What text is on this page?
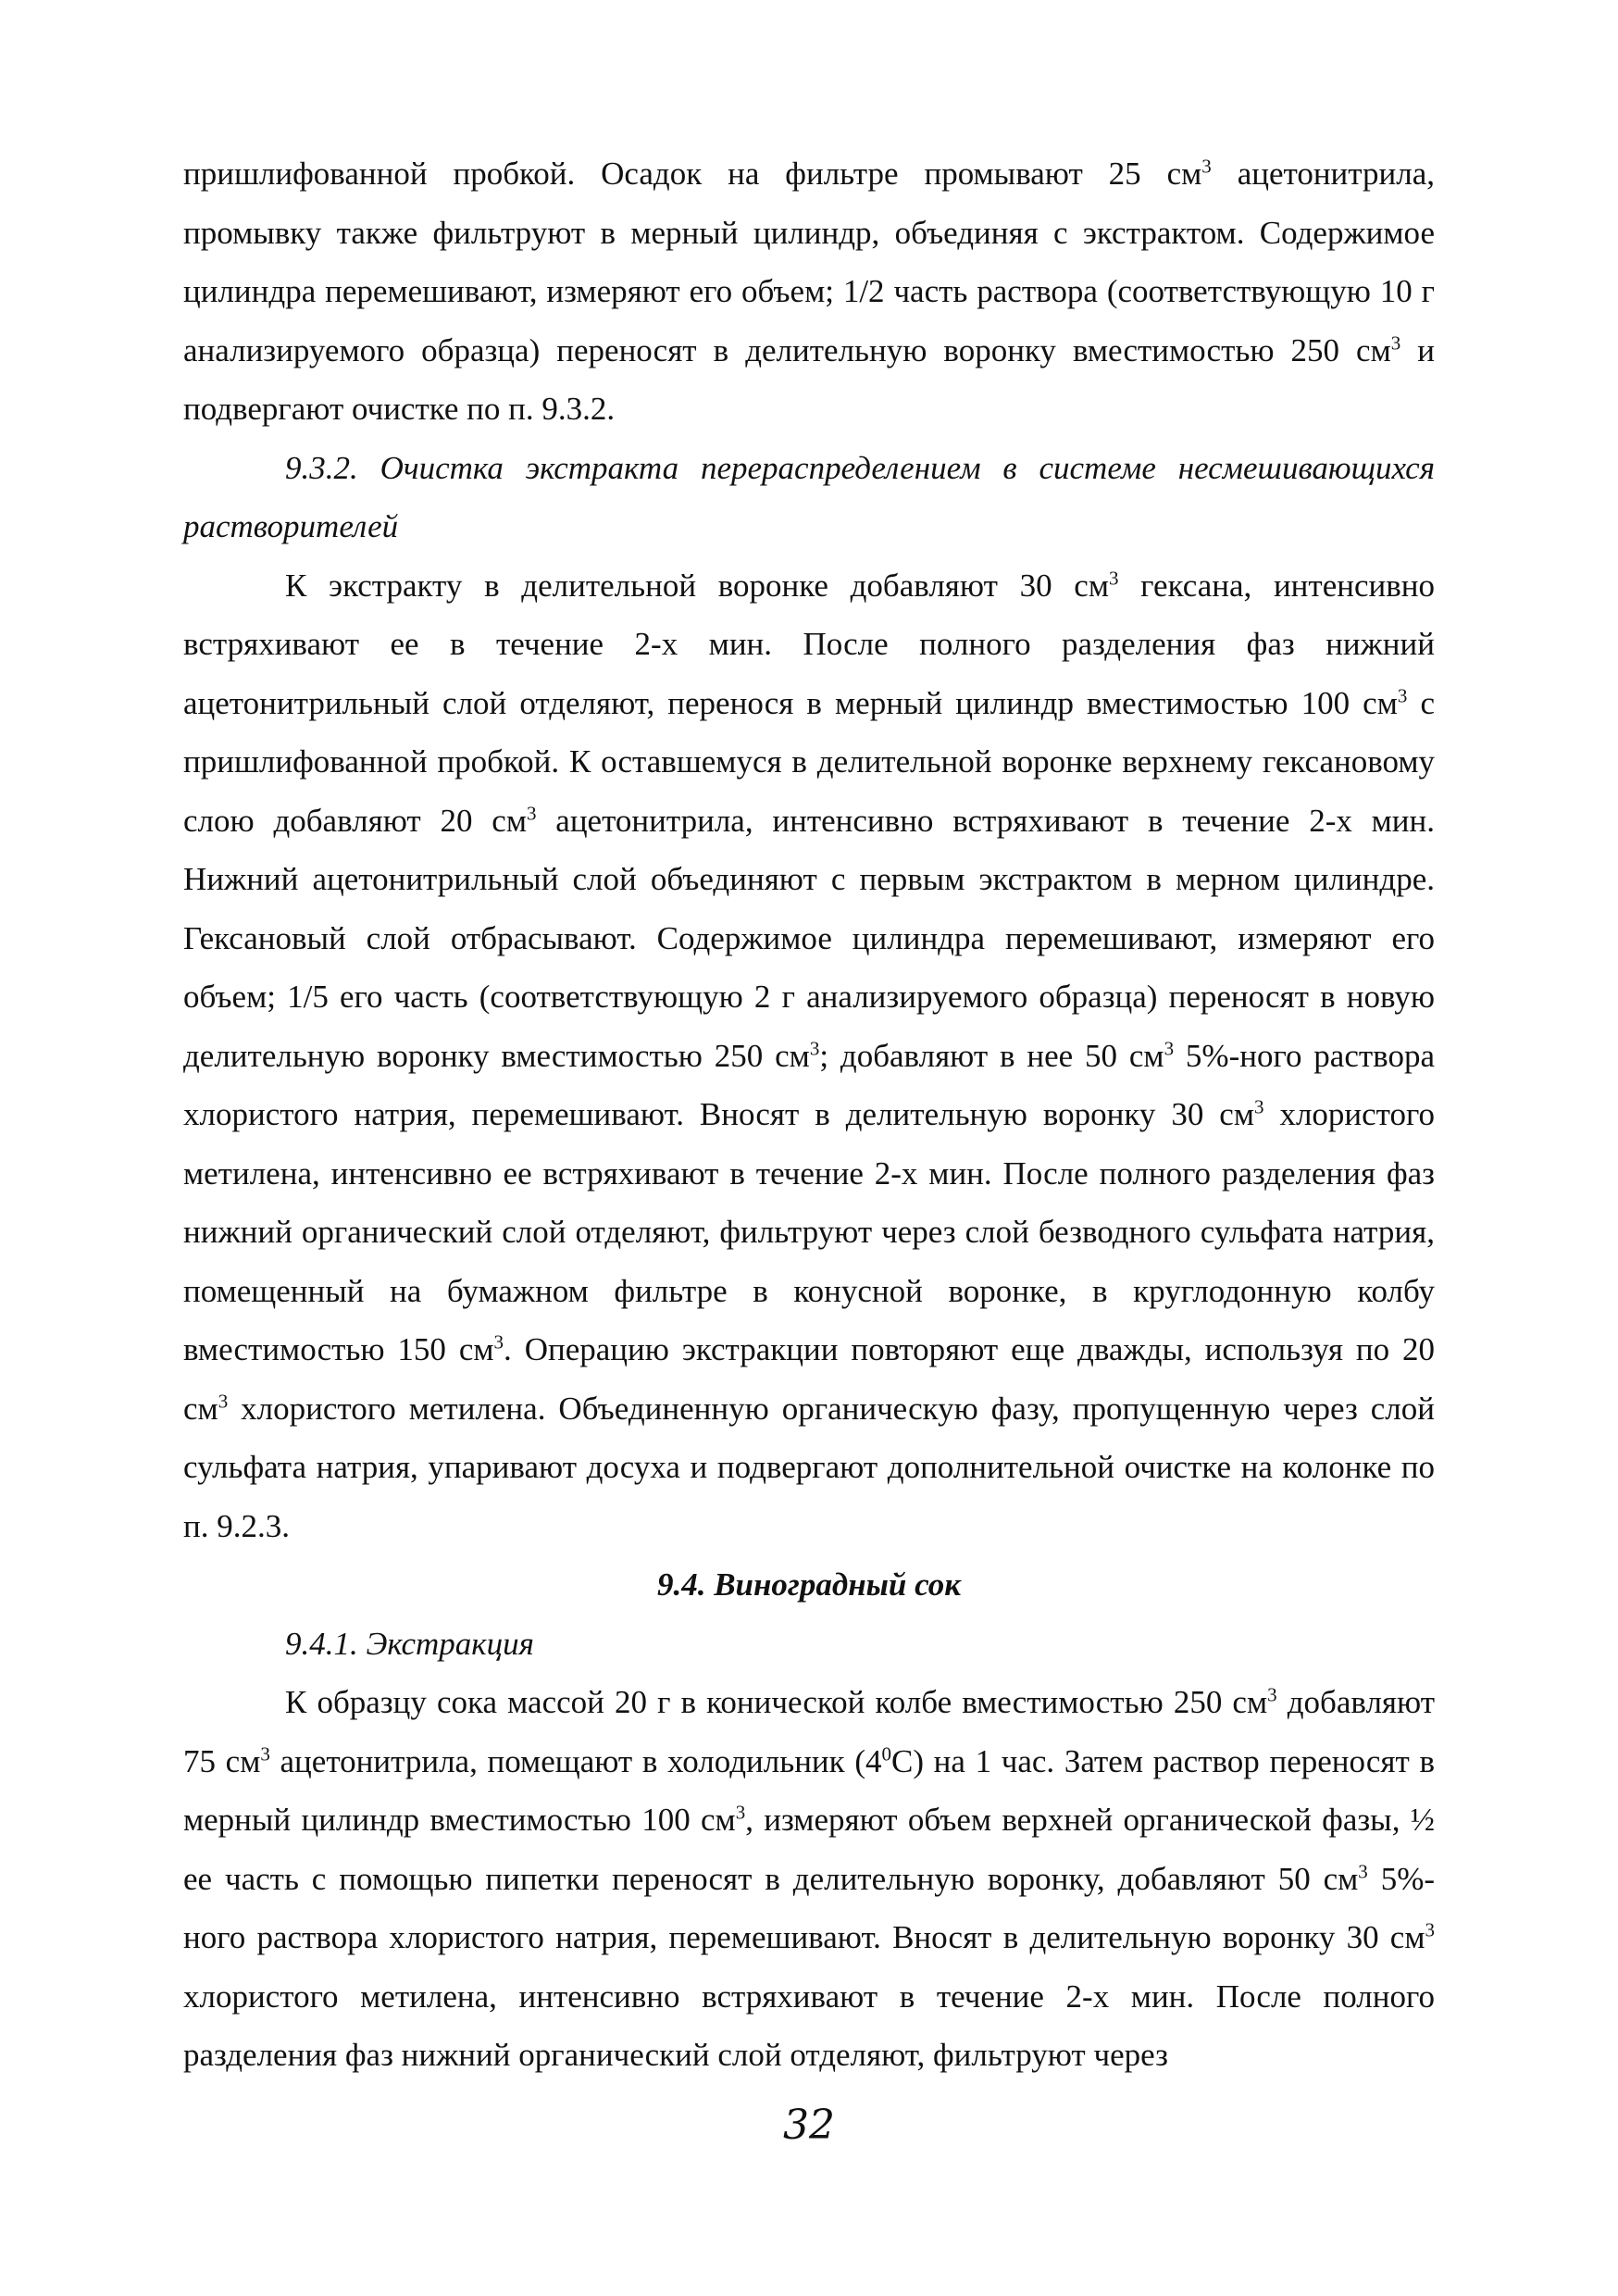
пришлифованной пробкой. Осадок на фильтре промывают 25 $см^3$ ацетонитрила, промывку также фильтруют в мерный цилиндр, объединяя с экстрактом. Содержимое цилиндра перемешивают, измеряют его объем; 1/2 часть раствора (соответствующую 10 г анализируемого образца) переносят в делительную воронку вместимостью 250 $см^3$ и подвергают очистке по п. 9.3.2.

9.3.2. Очистка экстракта перераспределением в системе несмешивающихся растворителей

К экстракту в делительной воронке добавляют 30 $см^3$ гексана, интенсивно встряхивают ее в течение 2-х мин. После полного разделения фаз нижний ацетонитрильный слой отделяют, перенося в мерный цилиндр вместимостью 100 $см^3$ с пришлифованной пробкой. К оставшемуся в делительной воронке верхнему гексановому слою добавляют 20 $см^3$ ацетонитрила, интенсивно встряхивают в течение 2-х мин. Нижний ацетонитрильный слой объединяют с первым экстрактом в мерном цилиндре. Гексановый слой отбрасывают. Содержимое цилиндра перемешивают, измеряют его объем; 1/5 его часть (соответствующую 2 г анализируемого образца) переносят в новую делительную воронку вместимостью 250 $см^3$; добавляют в нее 50 $см^3$ 5%-ного раствора хлористого натрия, перемешивают. Вносят в делительную воронку 30 $см^3$ хлористого метилена, интенсивно ее встряхивают в течение 2-х мин. После полного разделения фаз нижний органический слой отделяют, фильтруют через слой безводного сульфата натрия, помещенный на бумажном фильтре в конусной воронке, в круглодонную колбу вместимостью 150 $см^3$. Операцию экстракции повторяют еще дважды, используя по 20 $см^3$ хлористого метилена. Объединенную органическую фазу, пропущенную через слой сульфата натрия, упаривают досуха и подвергают дополнительной очистке на колонке по п. 9.2.3.

9.4. Виноградный сок

9.4.1. Экстракция

К образцу сока массой 20 г в конической колбе вместимостью 250 $см^3$ добавляют 75 $см^3$ ацетонитрила, помещают в холодильник $(4^0С)$ на 1 час. Затем раствор переносят в мерный цилиндр вместимостью 100 $см^3$, измеряют объем верхней органической фазы, ½ ее часть с помощью пипетки переносят в делительную воронку, добавляют 50 $см^3$ 5%-ного раствора хлористого натрия, перемешивают. Вносят в делительную воронку 30 $см^3$ хлористого метилена, интенсивно встряхивают в течение 2-х мин. После полного разделения фаз нижний органический слой отделяют, фильтруют через

32
